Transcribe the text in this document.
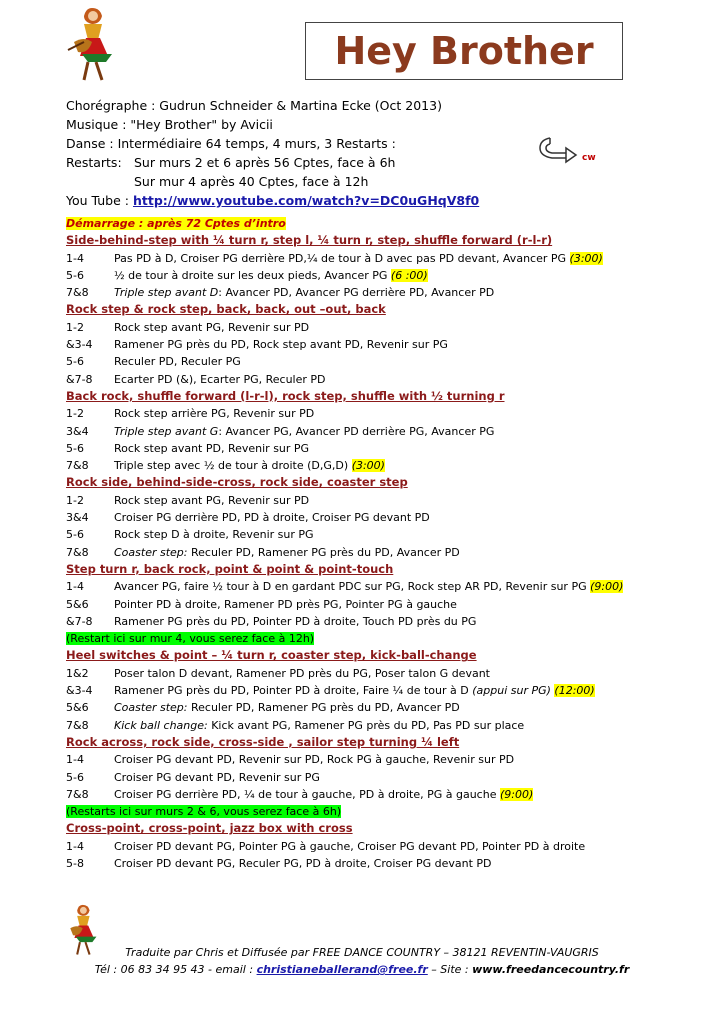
Hey Brother
Chorégraphe : Gudrun Schneider & Martina Ecke (Oct 2013)
Musique : "Hey Brother" by Avicii
Danse : Intermédiaire 64 temps, 4 murs, 3 Restarts :
Restarts: Sur murs 2 et 6 après 56 Cptes, face à 6h
Sur mur 4 après 40 Cptes, face à 12h
You Tube : http://www.youtube.com/watch?v=DC0uGHqV8f0
cw
Démarrage : après 72 Cptes d’intro
Side-behind-step with ¼ turn r, step l, ¼ turn r, step, shuffle forward (r-l-r)
1-4	Pas PD à D, Croiser PG derrière PD,¼ de tour à D avec pas PD devant, Avancer PG (3:00)
5-6	½ de tour à droite sur les deux pieds, Avancer PG (6 :00)
7&8 Triple step avant D: Avancer PD, Avancer PG derrière PD, Avancer PD
Rock step & rock step, back, back, out –out, back
1-2	Rock step avant PG, Revenir sur PD
&3-4 Ramener PG près du PD, Rock step avant PD, Revenir sur PG
5-6	Reculer PD, Reculer PG
&7-8 Ecarter PD (&), Ecarter PG, Reculer PD
Back rock, shuffle forward (l-r-l), rock step, shuffle with ½ turning r
1-2	Rock step arrière PG, Revenir sur PD
3&4 Triple step avant G: Avancer PG, Avancer PD derrière PG, Avancer PG
5-6	Rock step avant PD, Revenir sur PG
7&8 Triple step avec ½ de tour à droite (D,G,D) (3:00)
Rock side, behind-side-cross, rock side, coaster step
1-2	Rock step avant PG, Revenir sur PD
3&4 Croiser PG derrière PD, PD à droite, Croiser PG devant PD
5-6	Rock step D à droite, Revenir sur PG
7&8 Coaster step: Reculer PD, Ramener PG près du PD, Avancer PD
Step turn r, back rock, point & point & point-touch
1-4	Avancer PG, faire ½ tour à D en gardant PDC sur PG, Rock step AR PD, Revenir sur PG (9:00)
5&6 Pointer PD à droite, Ramener PD près PG, Pointer PG à gauche
&7-8 Ramener PG près du PD, Pointer PD à droite, Touch PD près du PG
(Restart ici sur mur 4, vous serez face à 12h)
Heel switches & point – ¼ turn r, coaster step, kick-ball-change
1&2 Poser talon D devant, Ramener PD près du PG, Poser talon G devant
&3-4 Ramener PG près du PD, Pointer PD à droite, Faire ¼ de tour à D (appui sur PG) (12:00)
5&6 Coaster step: Reculer PD, Ramener PG près du PD, Avancer PD
7&8 Kick ball change: Kick avant PG, Ramener PG près du PD, Pas PD sur place
Rock across, rock side, cross-side , sailor step turning ¼ left
1-4	Croiser PG devant PD, Revenir sur PD, Rock PG à gauche, Revenir sur PD
5-6	Croiser PG devant PD, Revenir sur PG
7&8 Croiser PG derrière PD, ¼ de tour à gauche, PD à droite, PG à gauche (9:00)
(Restarts ici sur murs 2 & 6, vous serez face à 6h)
Cross-point, cross-point, jazz box with cross
1-4	Croiser PD devant PG, Pointer PG à gauche, Croiser PG devant PD, Pointer PD à droite
5-8	Croiser PD devant PG, Reculer PG, PD à droite, Croiser PG devant PD
Traduite par Chris et Diffusée par FREE DANCE COUNTRY – 38121 REVENTIN-VAUGRIS
Tél : 06 83 34 95 43 - email : christianeballerand@free.fr – Site : www.freedancecountry.fr
